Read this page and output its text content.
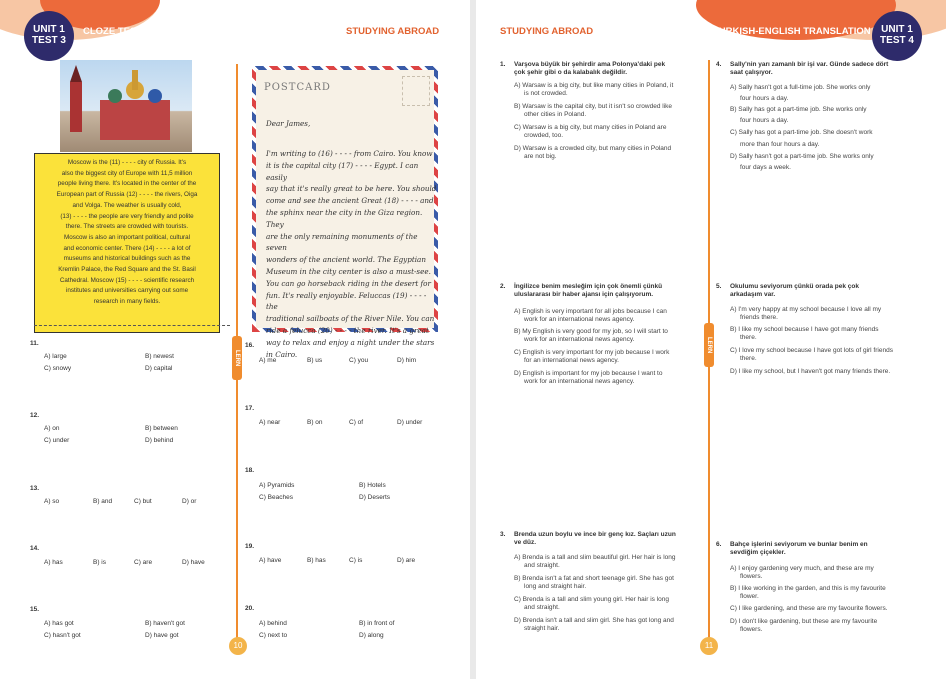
UNIT 1
TEST 3
CLOZE TEST	STUDYING ABROAD
Moscow is the (11) - - - - city of Russia. It's
also the biggest city of Europe with 11,5 million
people living there. It's located in the center of the
European part of Russia (12) - - - - the rivers, Oiga
and Volga. The weather is usually cold,
(13) - - - - the people are very friendly and polite
there. The streets are crowded with tourists.
Moscow is also an important political, cultural
and economic center. There (14) - - - - a lot of
museums and historical buildings such as the
Kremlin Palace, the Red Square and the St. Basil
Cathedral. Moscow (15) - - - - scientific research
institutes and universities carrying out some
research in many fields.
POSTCARD
Dear James,
I'm writing to (16) - - - - from Cairo. You know
it is the capital city (17) - - - - Egypt. I can easily
say that it's really great to be here. You should
come and see the ancient Great (18) - - - - and
the sphinx near the city in the Giza region. They
are the only remaining monuments of the seven
wonders of the ancient world. The Egyptian
Museum in the city center is also a must-see.
You can go horseback riding in the desert for
fun. It's really enjoyable. Feluccas (19) - - - - the
traditional sailboats of the River Nile. You can
ride a felucca (20) - - - - the river. It's a great
way to relax and enjoy a night under the stars
in Cairo.
LERN
11.
A) large	B) newest
C) snowy	D) capital
12.
A) on	B) between
C) under	D) behind
13.
A) so	B) and	C) but	D) or
14.
A) has	B) is	C) are	D) have
15.
A) has got	B) haven't got
C) hasn't got	D) have got
16.
A) me	B) us	C) you	D) him
17.
A) near	B) on	C) of	D) under
18.
A) Pyramids	B) Hotels
C) Beaches	D) Deserts
19.
A) have	B) has	C) is	D) are
20.
A) behind	B) in front of
C) next to	D) along
10
STUDYING ABROAD	TURKISH-ENGLISH TRANSLATION	UNIT 1
TEST 4
LERN
1. Varşova büyük bir şehirdir ama Polonya'daki pek
çok şehir gibi o da kalabalık değildir.
A) Warsaw is a big city, but like many cities in Poland, it
is not crowded.
B) Warsaw is the capital city, but it isn't so crowded like
other cities in Poland.
C) Warsaw is a big city, but many cities in Poland are
crowded, too.
D) Warsaw is a crowded city, but many cities in Poland
are not big.
2. İngilizce benim mesleğim için çok önemli çünkü
uluslararası bir haber ajansı için çalışıyorum.
A) English is very important for all jobs because I can
work for an international news agency.
B) My English is very good for my job, so I will start to
work for an international news agency.
C) English is very important for my job because I work
for an international news agency.
D) English is important for my job because I want to
work for an international news agency.
3. Brenda uzun boylu ve ince bir genç kız. Saçları uzun
ve düz.
A) Brenda is a tall and slim beautiful girl. Her hair is long
and straight.
B) Brenda isn't a fat and short teenage girl. She has got
long and straight hair.
C) Brenda is a tall and slim young girl. Her hair is long
and straight.
D) Brenda isn't a tall and slim girl. She has got long and
straight hair.
4. Sally'nin yarı zamanlı bir işi var. Günde sadece dört
saat çalışıyor.
A) Sally hasn't got a full-time job. She works only
four hours a day.
B) Sally has got a part-time job. She works only
four hours a day.
C) Sally has got a part-time job. She doesn't work
more than four hours a day.
D) Sally hasn't got a part-time job. She works only
four days a week.
5. Okulumu seviyorum çünkü orada pek çok
arkadaşım var.
A) I'm very happy at my school because I love all my
friends there.
B) I like my school because I have got many friends
there.
C) I love my school because I have got lots of girl friends
there.
D) I like my school, but I haven't got many friends there.
6. Bahçe işlerini seviyorum ve bunlar benim en
sevdiğim çiçekler.
A) I enjoy gardening very much, and these are my
flowers.
B) I like working in the garden, and this is my favourite
flower.
C) I like gardening, and these are my favourite flowers.
D) I don't like gardening, but these are my favourite
flowers.
11
